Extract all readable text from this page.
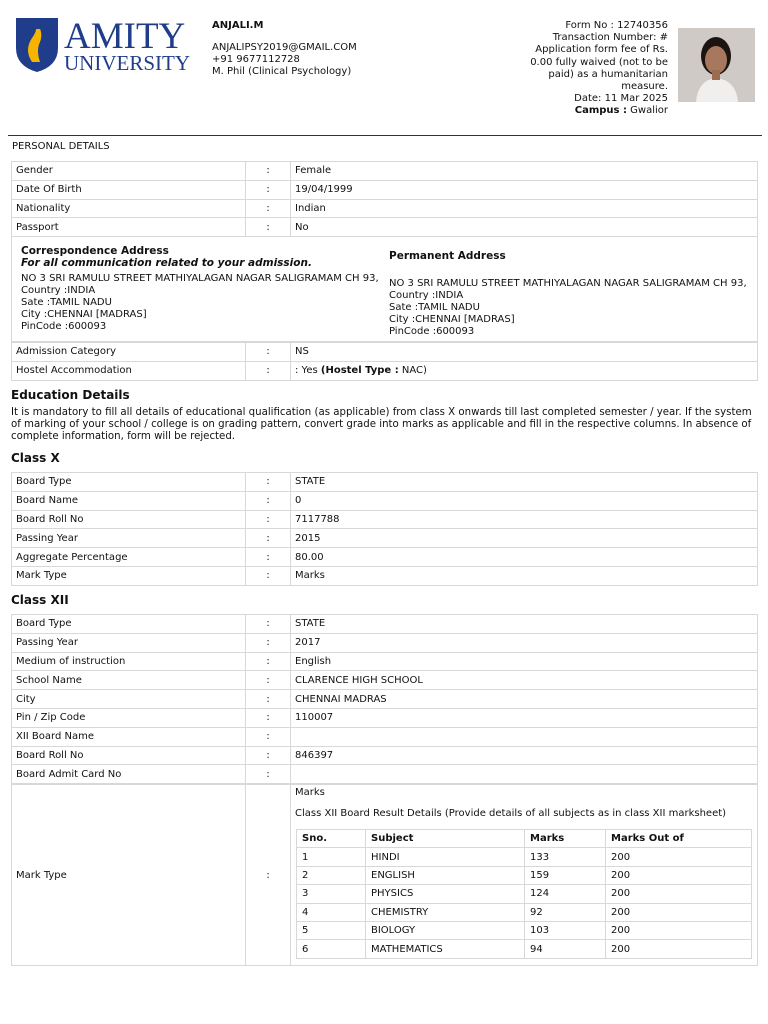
AMITY
UNIVERSITY
ANJALI.M
ANJALIPSY2019@GMAIL.COM
+91 9677112728
M. Phil (Clinical Psychology)
Form No : 12740356
Transaction Number: #
Application form fee of Rs. 0.00 fully waived (not to be paid) as a humanitarian measure.
Date: 11 Mar 2025
Campus : Gwalior
PERSONAL DETAILS
Gender	:	Female
Date Of Birth	:	19/04/1999
Nationality	:	Indian
Passport	:	No
Correspondence Address
For all communication related to your admission.
NO 3 SRI RAMULU STREET MATHIYALAGAN NAGAR SALIGRAMAM CH 93,
Country :INDIA
Sate :TAMIL NADU
City :CHENNAI [MADRAS]
PinCode :600093
Permanent Address
NO 3 SRI RAMULU STREET MATHIYALAGAN NAGAR SALIGRAMAM CH 93,
Country :INDIA
Sate :TAMIL NADU
City :CHENNAI [MADRAS]
PinCode :600093
Admission Category	:	NS
Hostel Accommodation	:	: Yes (Hostel Type : NAC)
Education Details
It is mandatory to fill all details of educational qualification (as applicable) from class X onwards till last completed semester / year. If the system of marking of your school / college is on grading pattern, convert grade into marks as applicable and fill in the respective columns. In absence of complete information, form will be rejected.
Class X
Board Type	:	STATE
Board Name	:	0
Board Roll No	:	7117788
Passing Year	:	2015
Aggregate Percentage	:	80.00
Mark Type	:	Marks
Class XII
Board Type	:	STATE
Passing Year	:	2017
Medium of instruction	:	English
School Name	:	CLARENCE HIGH SCHOOL
City	:	CHENNAI MADRAS
Pin / Zip Code	:	110007
XII Board Name	:	
Board Roll No	:	846397
Board Admit Card No	:	
Mark Type	:	
Marks
Class XII Board Result Details (Provide details of all subjects as in class XII marksheet)
Sno.	Subject	Marks	Marks Out of
1	HINDI	133	200
2	ENGLISH	159	200
3	PHYSICS	124	200
4	CHEMISTRY	92	200
5	BIOLOGY	103	200
6	MATHEMATICS	94	200
